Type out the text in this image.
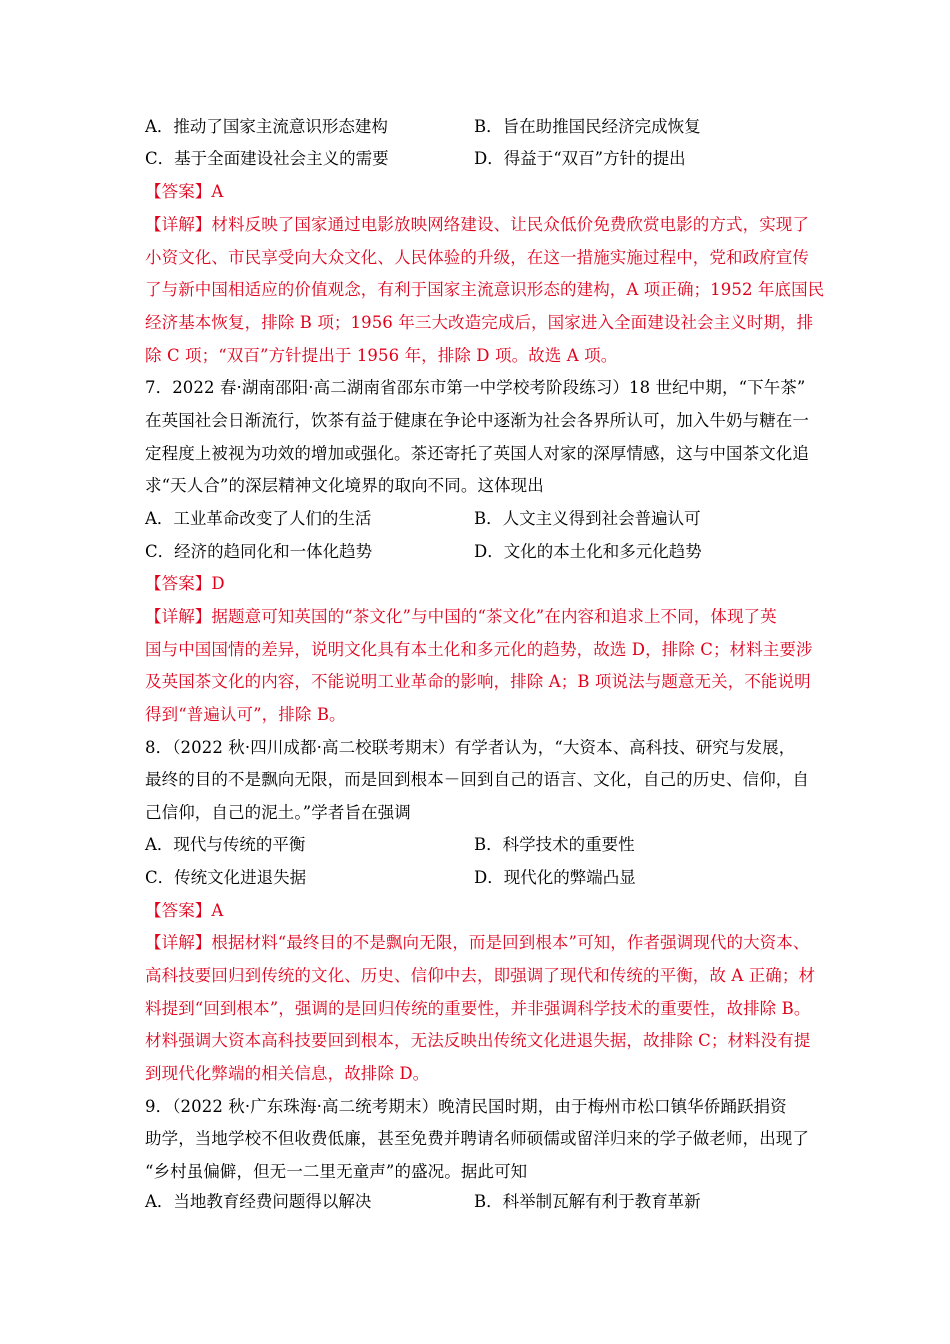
A．推动了国家主流意识形态建构	B．旨在助推国民经济完成恢复
C．基于全面建设社会主义的需要	D．得益于“双百”方针的提出
【答案】A
【详解】材料反映了国家通过电影放映网络建设、让民众低价免费欣赏电影的方式，实现了
小资文化、市民享受向大众文化、人民体验的升级，在这一措施实施过程中，党和政府宣传
了与新中国相适应的价值观念，有利于国家主流意识形态的建构，A 项正确；1952 年底国民
经济基本恢复，排除 B 项；1956 年三大改造完成后，国家进入全面建设社会主义时期，排
除 C 项；“双百”方针提出于 1956 年，排除 D 项。故选 A 项。
7．2022 春·湖南邵阳·高二湖南省邵东市第一中学校考阶段练习）18 世纪中期，“下午茶”
在英国社会日渐流行，饮茶有益于健康在争论中逐渐为社会各界所认可，加入牛奶与糖在一
定程度上被视为功效的增加或强化。茶还寄托了英国人对家的深厚情感，这与中国茶文化追
求“天人合”的深层精神文化境界的取向不同。这体现出
A．工业革命改变了人们的生活	B．人文主义得到社会普遍认可
C．经济的趋同化和一体化趋势	D．文化的本土化和多元化趋势
【答案】D
【详解】据题意可知英国的“茶文化”与中国的“茶文化”在内容和追求上不同，体现了英
国与中国国情的差异，说明文化具有本土化和多元化的趋势，故选 D，排除 C；材料主要涉
及英国茶文化的内容，不能说明工业革命的影响，排除 A；B 项说法与题意无关，不能说明
得到“普遍认可”，排除 B。
8．（2022 秋·四川成都·高二校联考期末）有学者认为，“大资本、高科技、研究与发展，
最终的目的不是飘向无限，而是回到根本－回到自己的语言、文化，自己的历史、信仰，自
己信仰，自己的泥土。”学者旨在强调
A．现代与传统的平衡	B．科学技术的重要性
C．传统文化进退失据	D．现代化的弊端凸显
【答案】A
【详解】根据材料“最终目的不是飘向无限，而是回到根本”可知，作者强调现代的大资本、
高科技要回归到传统的文化、历史、信仰中去，即强调了现代和传统的平衡，故 A 正确；材
料提到“回到根本”，强调的是回归传统的重要性，并非强调科学技术的重要性，故排除 B。
材料强调大资本高科技要回到根本，无法反映出传统文化进退失据，故排除 C；材料没有提
到现代化弊端的相关信息，故排除 D。
9．（2022 秋·广东珠海·高二统考期末）晚清民国时期，由于梅州市松口镇华侨踊跃捐资
助学，当地学校不但收费低廉，甚至免费并聘请名师硕儒或留洋归来的学子做老师，出现了
“乡村虽偏僻，但无一二里无童声”的盛况。据此可知
A．当地教育经费问题得以解决	B．科举制瓦解有利于教育革新
